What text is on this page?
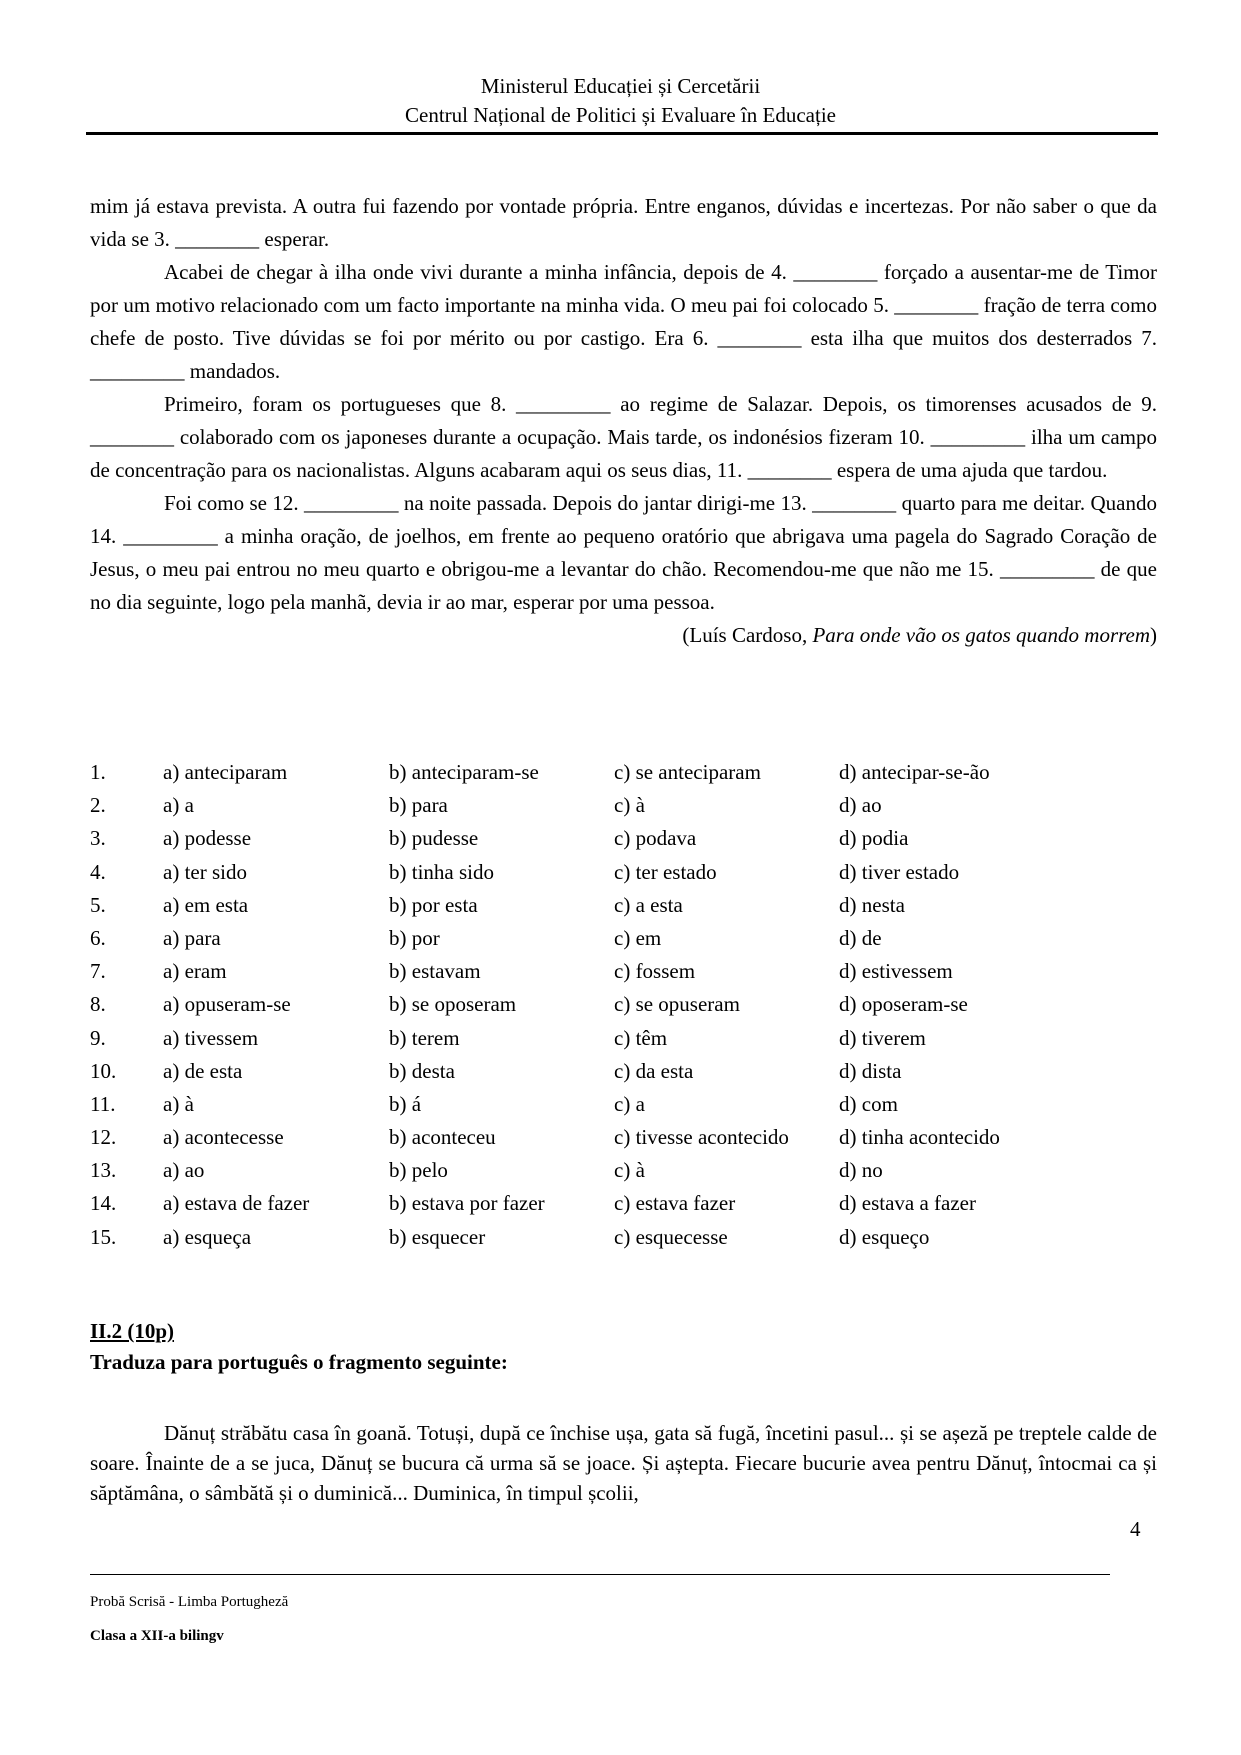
Ministerul Educației și Cercetării
Centrul Național de Politici și Evaluare în Educație

mim já estava prevista. A outra fui fazendo por vontade própria. Entre enganos, dúvidas e incertezas. Por não saber o que da vida se 3. ________ esperar.

Acabei de chegar à ilha onde vivi durante a minha infância, depois de 4. ________ forçado a ausentar-me de Timor por um motivo relacionado com um facto importante na minha vida. O meu pai foi colocado 5. ________ fração de terra como chefe de posto. Tive dúvidas se foi por mérito ou por castigo. Era 6. ________ esta ilha que muitos dos desterrados 7. _________ mandados.

Primeiro, foram os portugueses que 8. _________ ao regime de Salazar. Depois, os timorenses acusados de 9. ________ colaborado com os japoneses durante a ocupação. Mais tarde, os indonésios fizeram 10. _________ ilha um campo de concentração para os nacionalistas. Alguns acabaram aqui os seus dias, 11. ________ espera de uma ajuda que tardou.

Foi como se 12. _________ na noite passada. Depois do jantar dirigi-me 13. ________ quarto para me deitar. Quando 14. _________ a minha oração, de joelhos, em frente ao pequeno oratório que abrigava uma pagela do Sagrado Coração de Jesus, o meu pai entrou no meu quarto e obrigou-me a levantar do chão. Recomendou-me que não me 15. _________ de que no dia seguinte, logo pela manhã, devia ir ao mar, esperar por uma pessoa.

(Luís Cardoso, Para onde vão os gatos quando morrem)

1.	a) anteciparam	b) anteciparam-se	c) se anteciparam	d) antecipar-se-ão
2.	a) a	b) para	c) à	d) ao
3.	a) podesse	b) pudesse	c) podava	d) podia
4.	a) ter sido	b) tinha sido	c) ter estado	d) tiver estado
5.	a) em esta	b) por esta	c) a esta	d) nesta
6.	a) para	b) por	c) em	d) de
7.	a) eram	b) estavam	c) fossem	d) estivessem
8.	a) opuseram-se	b) se oposeram	c) se opuseram	d) oposeram-se
9.	a) tivessem	b) terem	c) têm	d) tiverem
10.	a) de esta	b) desta	c) da esta	d) dista
11.	a) à	b) á	c) a	d) com
12.	a) acontecesse	b) aconteceu	c) tivesse acontecido	d) tinha acontecido
13.	a) ao	b) pelo	c) à	d) no
14.	a) estava de fazer	b) estava por fazer	c) estava fazer	d) estava a fazer
15.	a) esqueça	b) esquecer	c) esquecesse	d) esqueço
II.2 (10p)
Traduza para português o fragmento seguinte:

Dănuț străbătu casa în goană. Totuși, după ce închise ușa, gata să fugă, încetini pasul... și se așeză pe treptele calde de soare. Înainte de a se juca, Dănuț se bucura că urma să se joace. Și aștepta. Fiecare bucurie avea pentru Dănuț, întocmai ca și săptămâna, o sâmbătă și o duminică... Duminica, în timpul școlii,

4
Probă Scrisă - Limba Portugheză
Clasa a XII-a bilingv
